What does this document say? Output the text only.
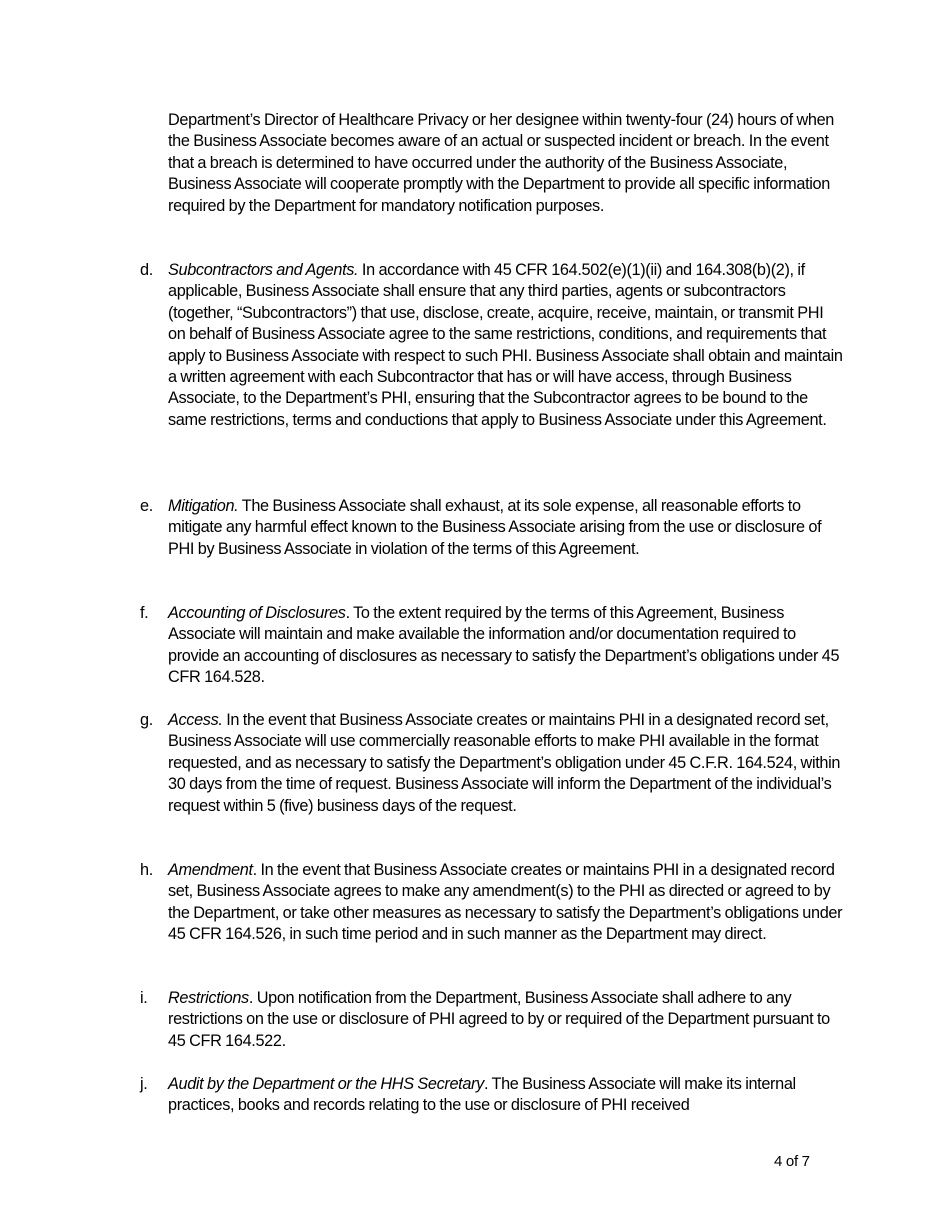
Department’s Director of Healthcare Privacy or her designee within twenty-four (24) hours of when the Business Associate becomes aware of an actual or suspected incident or breach. In the event that a breach is determined to have occurred under the authority of the Business Associate, Business Associate will cooperate promptly with the Department to provide all specific information required by the Department for mandatory notification purposes.
d. Subcontractors and Agents. In accordance with 45 CFR 164.502(e)(1)(ii) and 164.308(b)(2), if applicable, Business Associate shall ensure that any third parties, agents or subcontractors (together, “Subcontractors”) that use, disclose, create, acquire, receive, maintain, or transmit PHI on behalf of Business Associate agree to the same restrictions, conditions, and requirements that apply to Business Associate with respect to such PHI. Business Associate shall obtain and maintain a written agreement with each Subcontractor that has or will have access, through Business Associate, to the Department’s PHI, ensuring that the Subcontractor agrees to be bound to the same restrictions, terms and conductions that apply to Business Associate under this Agreement.
e. Mitigation. The Business Associate shall exhaust, at its sole expense, all reasonable efforts to mitigate any harmful effect known to the Business Associate arising from the use or disclosure of PHI by Business Associate in violation of the terms of this Agreement.
f.	Accounting of Disclosures. To the extent required by the terms of this Agreement, Business Associate will maintain and make available the information and/or documentation required to provide an accounting of disclosures as necessary to satisfy the Department’s obligations under 45 CFR 164.528.
g. Access. In the event that Business Associate creates or maintains PHI in a designated record set, Business Associate will use commercially reasonable efforts to make PHI available in the format requested, and as necessary to satisfy the Department’s obligation under 45 C.F.R. 164.524, within 30 days from the time of request. Business Associate will inform the Department of the individual’s request within 5 (five) business days of the request.
h. Amendment. In the event that Business Associate creates or maintains PHI in a designated record set, Business Associate agrees to make any amendment(s) to the PHI as directed or agreed to by the Department, or take other measures as necessary to satisfy the Department’s obligations under 45 CFR 164.526, in such time period and in such manner as the Department may direct.
i.	Restrictions. Upon notification from the Department, Business Associate shall adhere to any restrictions on the use or disclosure of PHI agreed to by or required of the Department pursuant to 45 CFR 164.522.
j.	Audit by the Department or the HHS Secretary. The Business Associate will make its internal practices, books and records relating to the use or disclosure of PHI received
4 of 7
